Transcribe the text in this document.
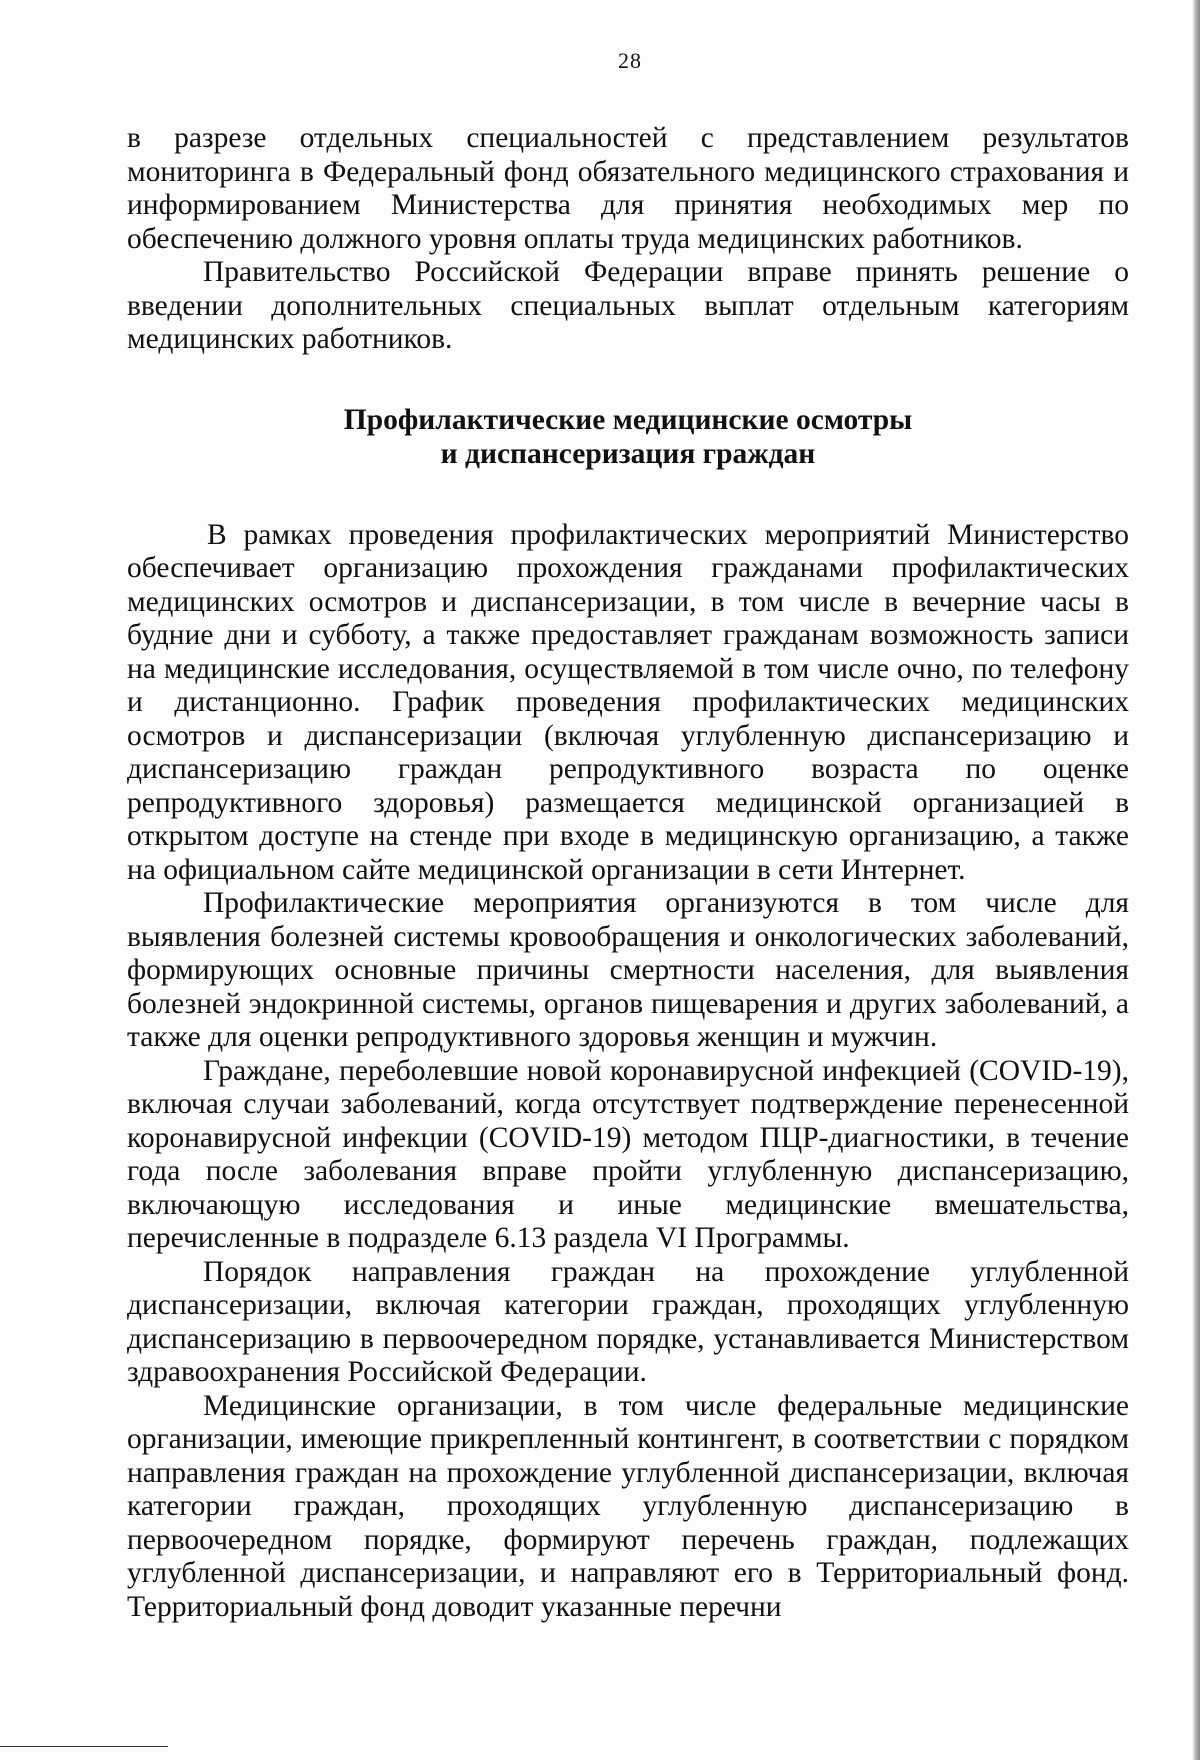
28

в разрезе отдельных специальностей с представлением результатов мониторинга в Федеральный фонд обязательного медицинского страхования и информированием Министерства для принятия необходимых мер по обеспечению должного уровня оплаты труда медицинских работников.

Правительство Российской Федерации вправе принять решение о введении дополнительных специальных выплат отдельным категориям медицинских работников.

Профилактические медицинские осмотры
и диспансеризация граждан

В рамках проведения профилактических мероприятий Министерство обеспечивает организацию прохождения гражданами профилактических медицинских осмотров и диспансеризации, в том числе в вечерние часы в будние дни и субботу, а также предоставляет гражданам возможность записи на медицинские исследования, осуществляемой в том числе очно, по телефону и дистанционно. График проведения профилактических медицинских осмотров и диспансеризации (включая углубленную диспансеризацию и диспансеризацию граждан репродуктивного возраста по оценке репродуктивного здоровья) размещается медицинской организацией в открытом доступе на стенде при входе в медицинскую организацию, а также на официальном сайте медицинской организации в сети Интернет.

Профилактические мероприятия организуются в том числе для выявления болезней системы кровообращения и онкологических заболеваний, формирующих основные причины смертности населения, для выявления болезней эндокринной системы, органов пищеварения и других заболеваний, а также для оценки репродуктивного здоровья женщин и мужчин.

Граждане, переболевшие новой коронавирусной инфекцией (COVID-19), включая случаи заболеваний, когда отсутствует подтверждение перенесенной коронавирусной инфекции (COVID-19) методом ПЦР-диагностики, в течение года после заболевания вправе пройти углубленную диспансеризацию, включающую исследования и иные медицинские вмешательства, перечисленные в подразделе 6.13 раздела VI Программы.

Порядок направления граждан на прохождение углубленной диспансеризации, включая категории граждан, проходящих углубленную диспансеризацию в первоочередном порядке, устанавливается Министерством здравоохранения Российской Федерации.

Медицинские организации, в том числе федеральные медицинские организации, имеющие прикрепленный контингент, в соответствии с порядком направления граждан на прохождение углубленной диспансеризации, включая категории граждан, проходящих углубленную диспансеризацию в первоочередном порядке, формируют перечень граждан, подлежащих углубленной диспансеризации, и направляют его в Территориальный фонд. Территориальный фонд доводит указанные перечни
